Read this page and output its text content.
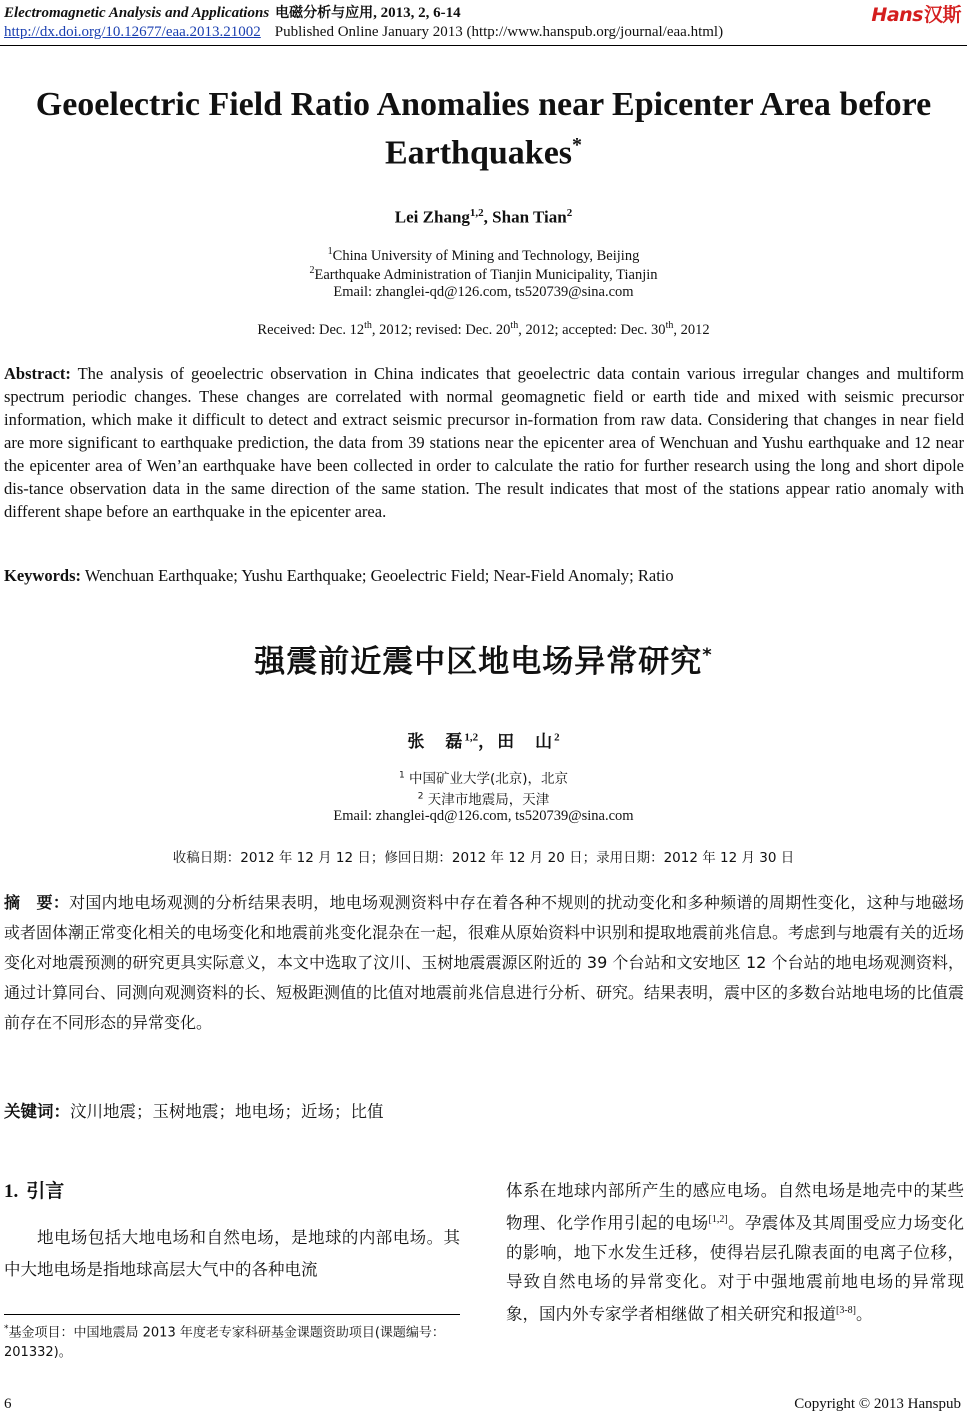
Electromagnetic Analysis and Applications 电磁分析与应用, 2013, 2, 6-14	Hans汉斯
http://dx.doi.org/10.12677/eaa.2013.21002 Published Online January 2013 (http://www.hanspub.org/journal/eaa.html)
Geoelectric Field Ratio Anomalies near Epicenter Area before
Earthquakes*
Lei Zhang$^{1,2}$, Shan Tian$^2$
$^1$China University of Mining and Technology, Beijing
$^2$Earthquake Administration of Tianjin Municipality, Tianjin
Email: zhanglei-qd@126.com, ts520739@sina.com
Received: Dec. 12th, 2012; revised: Dec. 20th, 2012; accepted: Dec. 30th, 2012
Abstract: The analysis of geoelectric observation in China indicates that geoelectric data contain various irregular changes and multiform spectrum periodic changes. These changes are correlated with normal geomagnetic field or earth tide and mixed with seismic precursor information, which make it difficult to detect and extract seismic precursor in-formation from raw data. Considering that changes in near field are more significant to earthquake prediction, the data from 39 stations near the epicenter area of Wenchuan and Yushu earthquake and 12 near the epicenter area of Wen’an earthquake have been collected in order to calculate the ratio for further research using the long and short dipole dis-tance observation data in the same direction of the same station. The result indicates that most of the stations appear ratio anomaly with different shape before an earthquake in the epicenter area.
Keywords: Wenchuan Earthquake; Yushu Earthquake; Geoelectric Field; Near-Field Anomaly; Ratio
强震前近震中区地电场异常研究*
张　磊$^{1,2}$，田　山$^2$
$^1$ 中国矿业大学(北京)，北京
$^2$ 天津市地震局，天津
Email: zhanglei-qd@126.com, ts520739@sina.com
收稿日期：2012 年 12 月 12 日；修回日期：2012 年 12 月 20 日；录用日期：2012 年 12 月 30 日
摘　要：对国内地电场观测的分析结果表明，地电场观测资料中存在着各种不规则的扰动变化和多种频谱的周期性变化，这种与地磁场或者固体潮正常变化相关的电场变化和地震前兆变化混杂在一起，很难从原始资料中识别和提取地震前兆信息。考虑到与地震有关的近场变化对地震预测的研究更具实际意义，本文中选取了汶川、玉树地震震源区附近的 39 个台站和文安地区 12 个台站的地电场观测资料，通过计算同台、同测向观测资料的长、短极距测值的比值对地震前兆信息进行分析、研究。结果表明，震中区的多数台站地电场的比值震前存在不同形态的异常变化。
关键词：汶川地震；玉树地震；地电场；近场；比值
1. 引言
地电场包括大地电场和自然电场，是地球的内部电场。其中大地电场是指地球高层大气中的各种电流
体系在地球内部所产生的感应电场。自然电场是地壳中的某些物理、化学作用引起的电场[1,2]。孕震体及其周围受应力场变化的影响，地下水发生迁移，使得岩层孔隙表面的电离子位移，导致自然电场的异常变化。对于中强地震前地电场的异常现象，国内外专家学者相继做了相关研究和报道[3-8]。
*基金项目：中国地震局 2013 年度老专家科研基金课题资助项目(课题编号：201332)。
6	Copyright © 2013 Hanspub
